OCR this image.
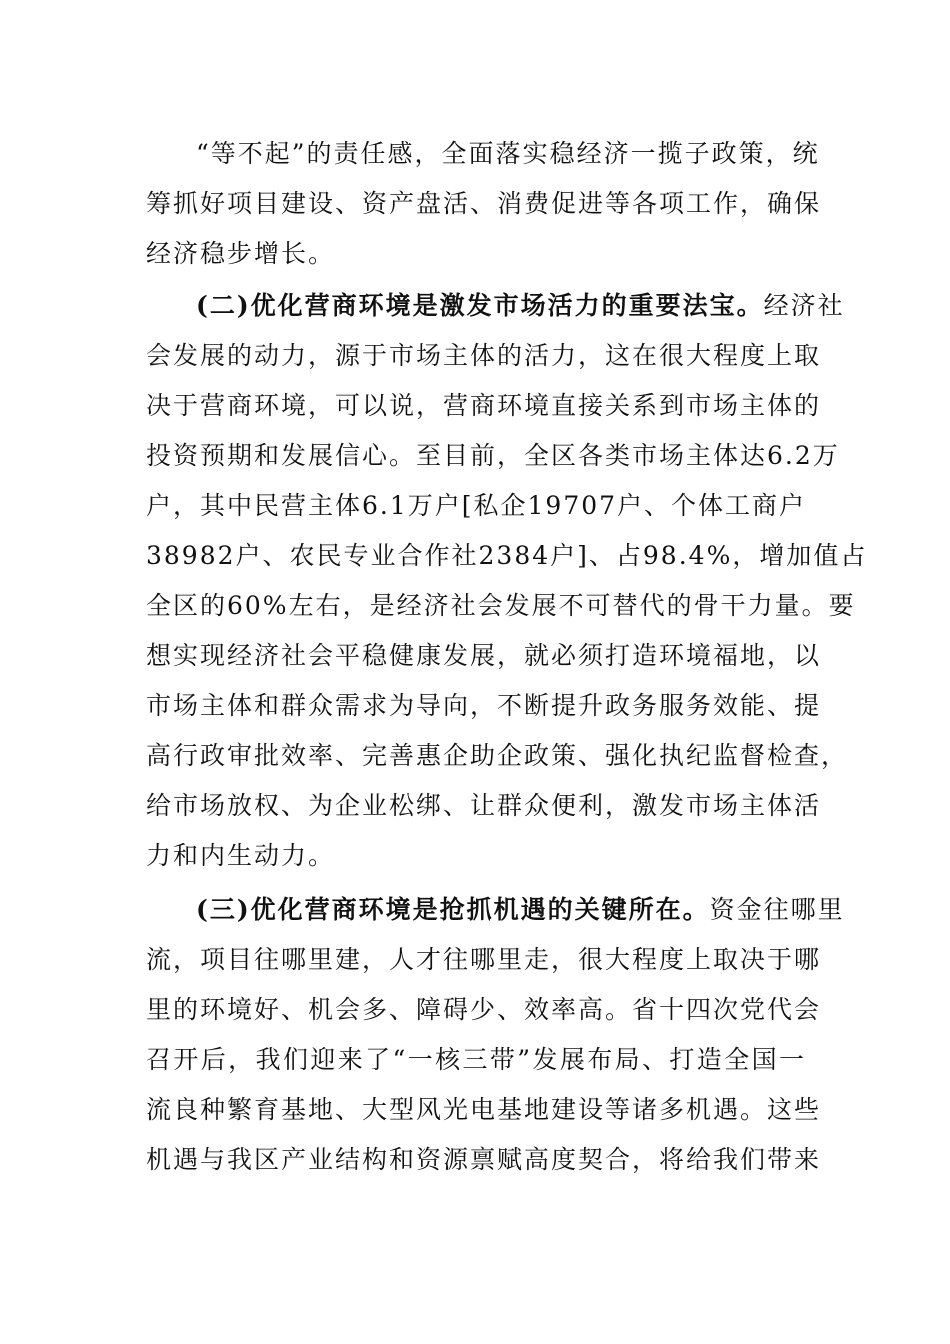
“等不起”的责任感，全面落实稳经济一揽子政策，统
筹抓好项目建设、资产盘活、消费促进等各项工作，确保
经济稳步增长。
(二)优化营商环境是激发市场活力的重要法宝。经济社
会发展的动力，源于市场主体的活力，这在很大程度上取
决于营商环境，可以说，营商环境直接关系到市场主体的
投资预期和发展信心。至目前，全区各类市场主体达6.2万
户，其中民营主体6.1万户[私企19707户、个体工商户
38982户、农民专业合作社2384户]、占98.4%，增加值占
全区的60%左右，是经济社会发展不可替代的骨干力量。要
想实现经济社会平稳健康发展，就必须打造环境福地，以
市场主体和群众需求为导向，不断提升政务服务效能、提
高行政审批效率、完善惠企助企政策、强化执纪监督检查，
给市场放权、为企业松绑、让群众便利，激发市场主体活
力和内生动力。
(三)优化营商环境是抢抓机遇的关键所在。资金往哪里
流，项目往哪里建，人才往哪里走，很大程度上取决于哪
里的环境好、机会多、障碍少、效率高。省十四次党代会
召开后，我们迎来了“一核三带”发展布局、打造全国一
流良种繁育基地、大型风光电基地建设等诸多机遇。这些
机遇与我区产业结构和资源禀赋高度契合，将给我们带来
